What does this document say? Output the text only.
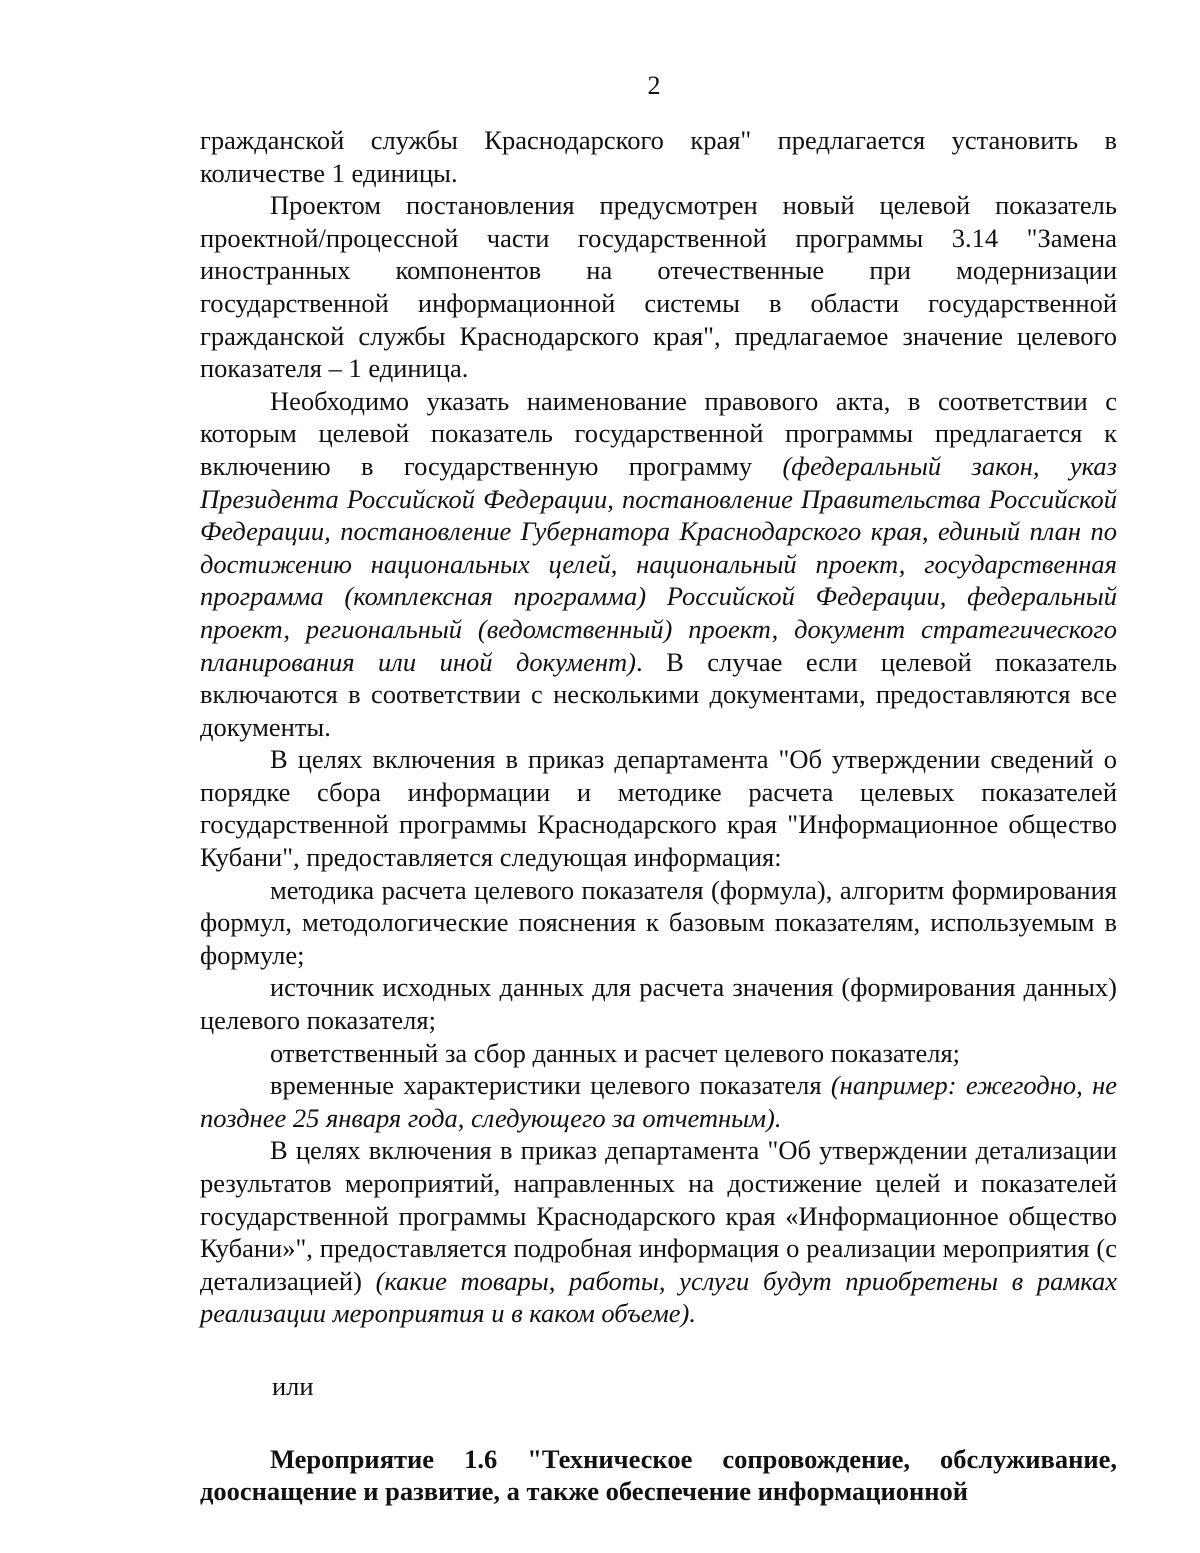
2

гражданской службы Краснодарского края" предлагается установить в количестве 1 единицы.

Проектом постановления предусмотрен новый целевой показатель проектной/процессной части государственной программы 3.14 "Замена иностранных компонентов на отечественные при модернизации государственной информационной системы в области государственной гражданской службы Краснодарского края", предлагаемое значение целевого показателя – 1 единица.

Необходимо указать наименование правового акта, в соответствии с которым целевой показатель государственной программы предлагается к включению в государственную программу (федеральный закон, указ Президента Российской Федерации, постановление Правительства Российской Федерации, постановление Губернатора Краснодарского края, единый план по достижению национальных целей, национальный проект, государственная программа (комплексная программа) Российской Федерации, федеральный проект, региональный (ведомственный) проект, документ стратегического планирования или иной документ). В случае если целевой показатель включаются в соответствии с несколькими документами, предоставляются все документы.

В целях включения в приказ департамента "Об утверждении сведений о порядке сбора информации и методике расчета целевых показателей государственной программы Краснодарского края "Информационное общество Кубани", предоставляется следующая информация:

методика расчета целевого показателя (формула), алгоритм формирования формул, методологические пояснения к базовым показателям, используемым в формуле;

источник исходных данных для расчета значения (формирования данных) целевого показателя;

ответственный за сбор данных и расчет целевого показателя;

временные характеристики целевого показателя (например: ежегодно, не позднее 25 января года, следующего за отчетным).

В целях включения в приказ департамента "Об утверждении детализации результатов мероприятий, направленных на достижение целей и показателей государственной программы Краснодарского края «Информационное общество Кубани»", предоставляется подробная информация о реализации мероприятия (с детализацией) (какие товары, работы, услуги будут приобретены в рамках реализации мероприятия и в каком объеме).

или

Мероприятие 1.6 "Техническое сопровождение, обслуживание, дооснащение и развитие, а также обеспечение информационной
